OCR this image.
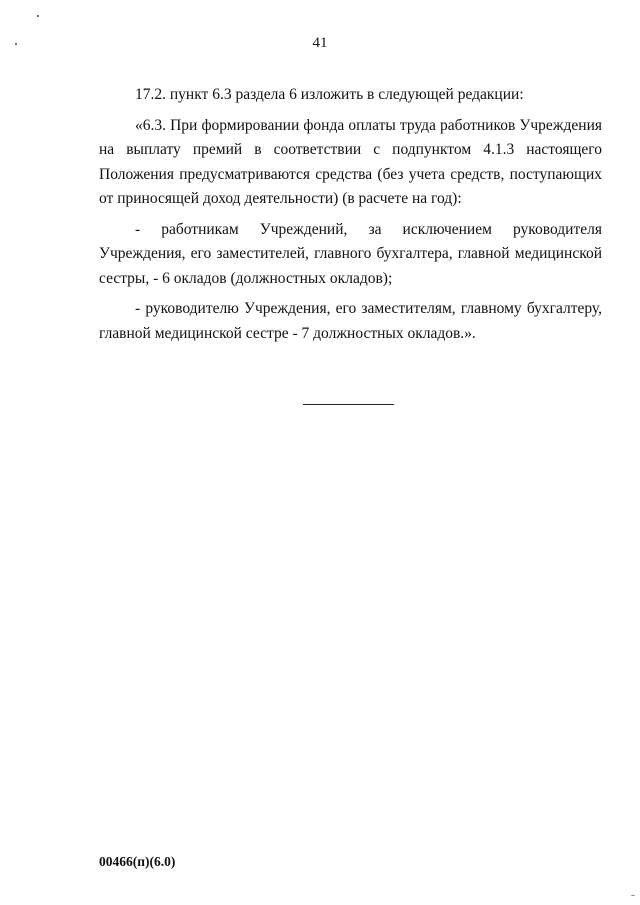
41

17.2. пункт 6.3 раздела 6 изложить в следующей редакции:

«6.3. При формировании фонда оплаты труда работников Учреждения на выплату премий в соответствии с подпунктом 4.1.3 настоящего Положения предусматриваются средства (без учета средств, поступающих от приносящей доход деятельности) (в расчете на год):

- работникам Учреждений, за исключением руководителя Учреждения, его заместителей, главного бухгалтера, главной медицинской сестры, - 6 окладов (должностных окладов);

- руководителю Учреждения, его заместителям, главному бухгалтеру, главной медицинской сестре - 7 должностных окладов.».

00466(п)(6.0)
